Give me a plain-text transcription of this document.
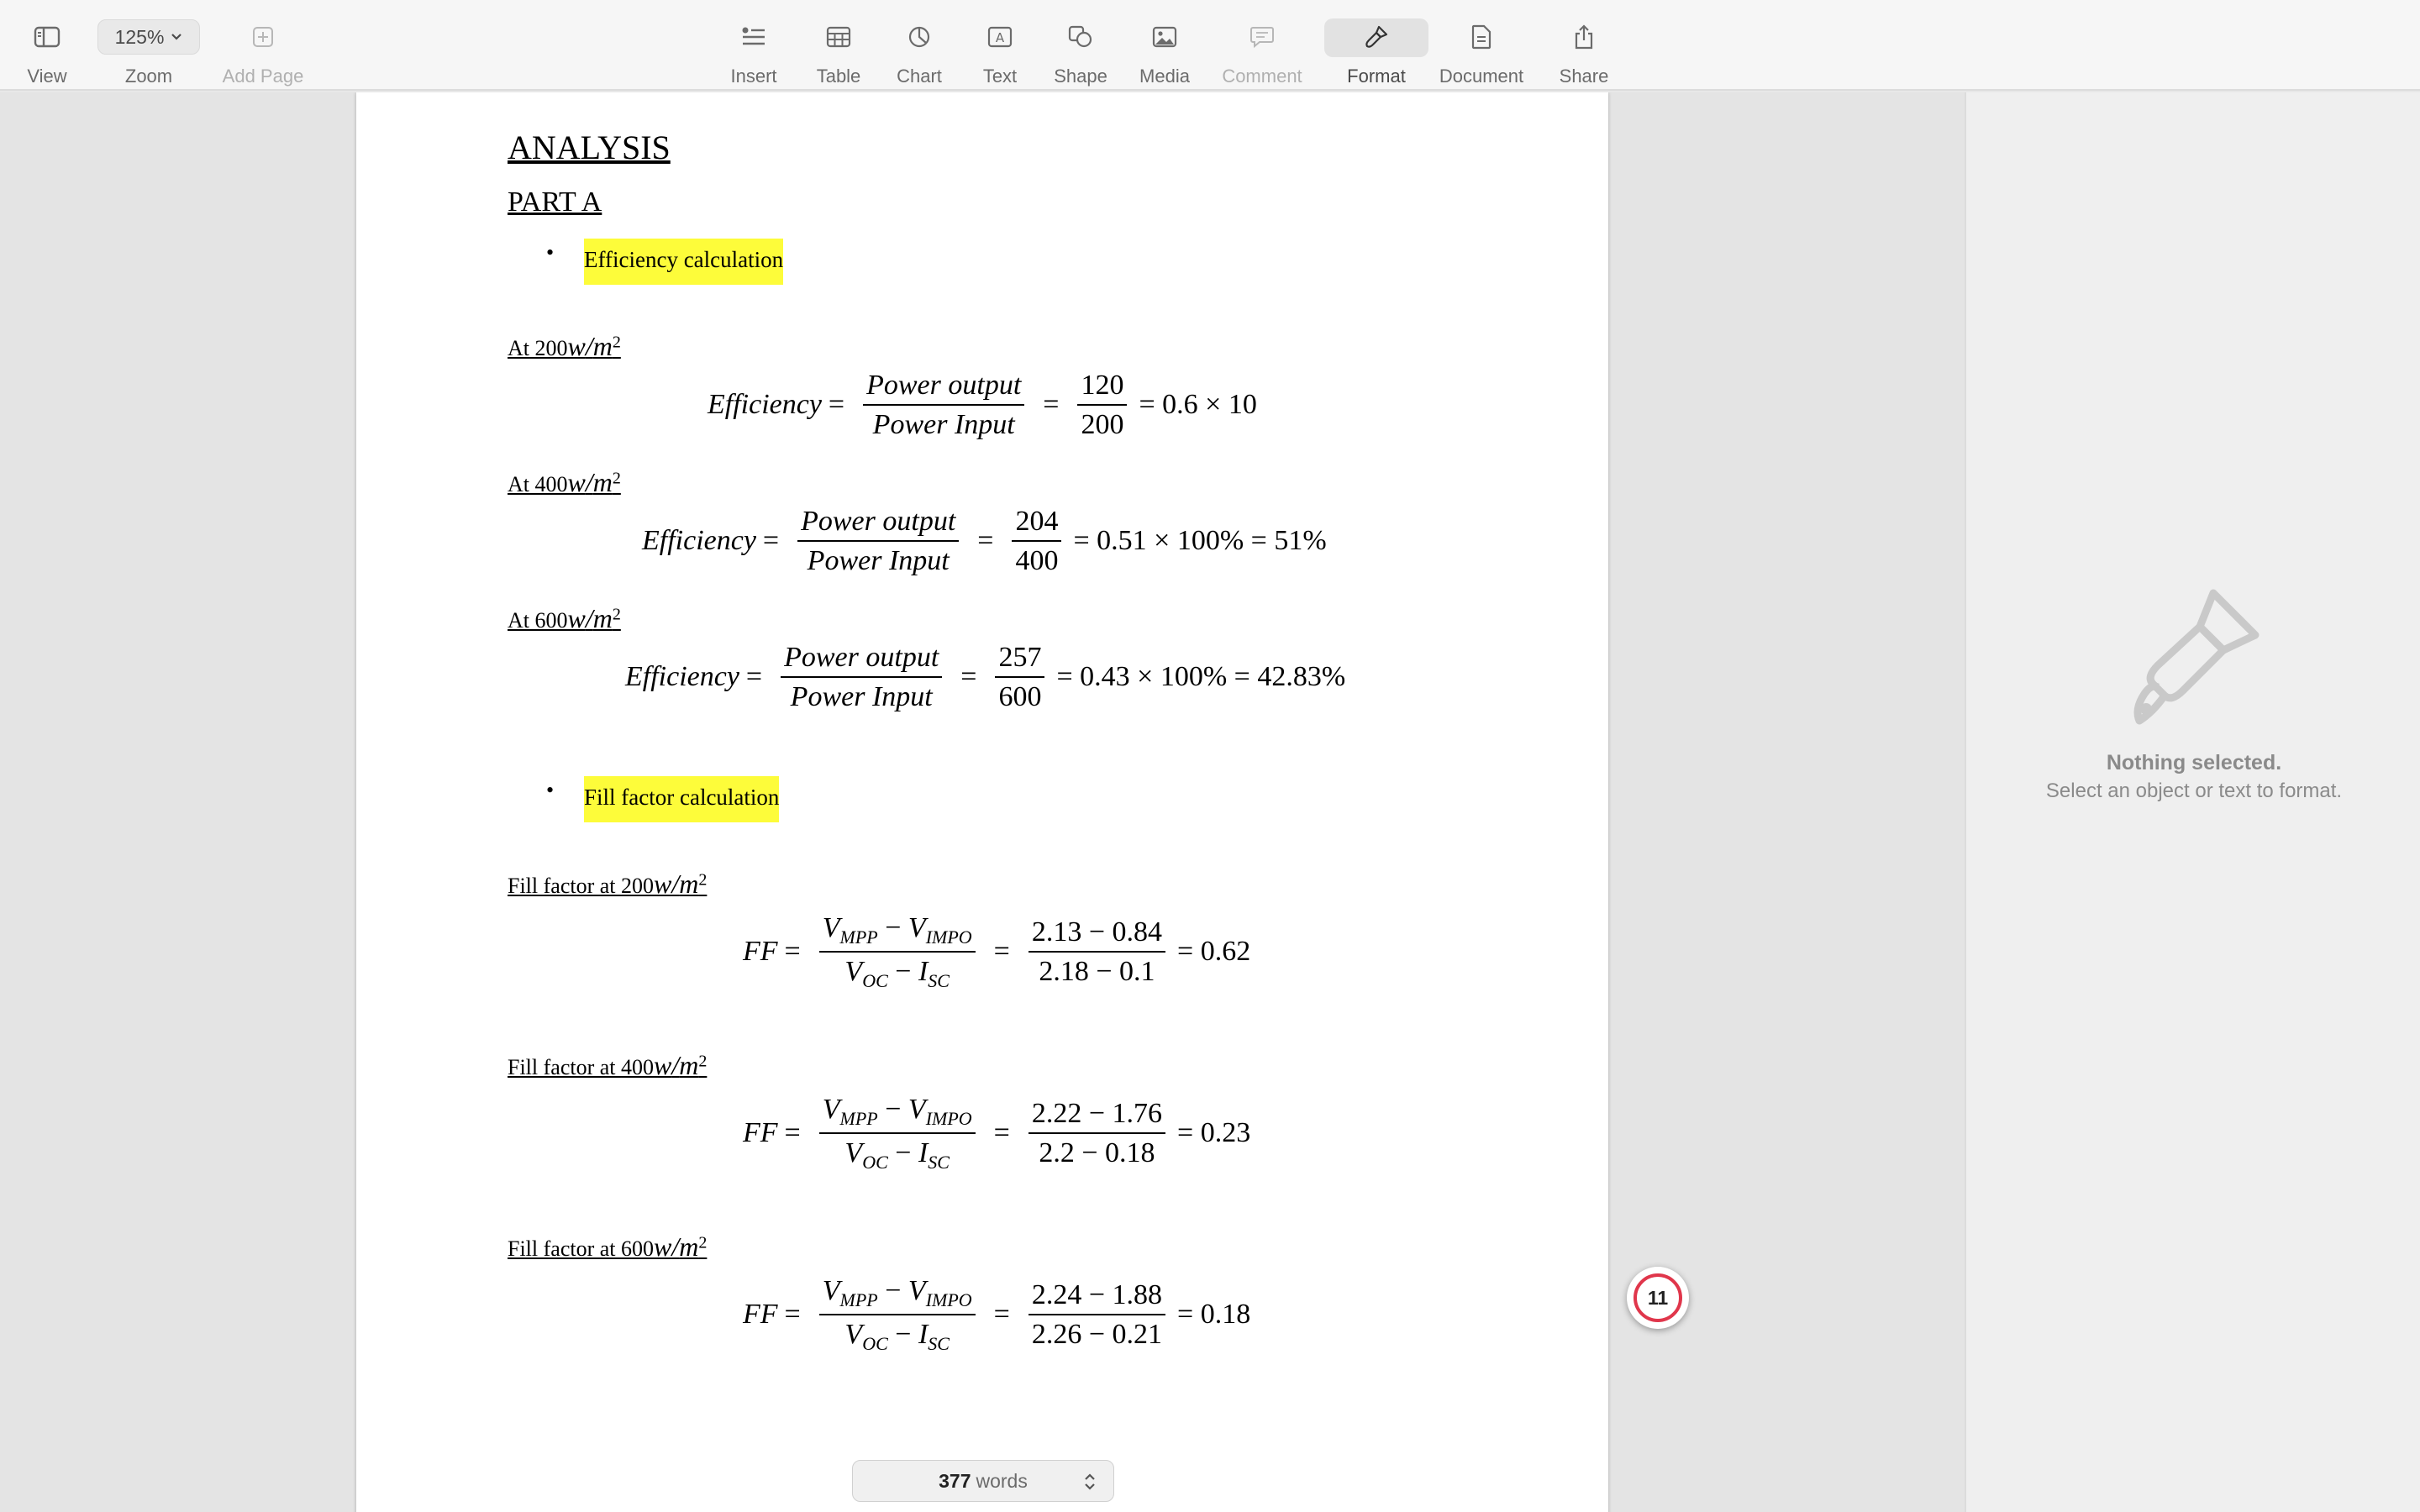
View
125%
Zoom	Add Page	Insert Table Chart
A
Text Shape Media Comment Format Document Share
ANALYSIS
PART A
• Efficiency calculation
At $200w/m^2$
Efficiency = $\frac{\text{Power output}}{\text{Power Input}} = \frac{120}{200} = 0.6 \times 10$
At $400w/m^2$
Efficiency = $\frac{\text{Power output}}{\text{Power Input}} = \frac{204}{400} = 0.51 \times 100\% = 51\%$
At $600w/m^2$
Efficiency = $\frac{\text{Power output}}{\text{Power Input}} = \frac{257}{600} = 0.43 \times 100\% = 42.83\%$
• Fill factor calculation
Fill factor at $200w/m^2$
FF = $\frac{V_{MPP} - V_{IMPO}}{V_{OC} - I_{SC}} = \frac{2.13 - 0.84}{2.18 - 0.1} = 0.62$
Fill factor at $400w/m^2$
FF = $\frac{V_{MPP} - V_{IMPO}}{V_{OC} - I_{SC}} = \frac{2.22 - 1.76}{2.2 - 0.18} = 0.23$
Fill factor at $600w/m^2$
FF = $\frac{V_{MPP} - V_{IMPO}}{V_{OC} - I_{SC}} = \frac{2.24 - 1.88}{2.26 - 0.21} = 0.18$
11
377 words
Nothing selected.
Select an object or text to format.
